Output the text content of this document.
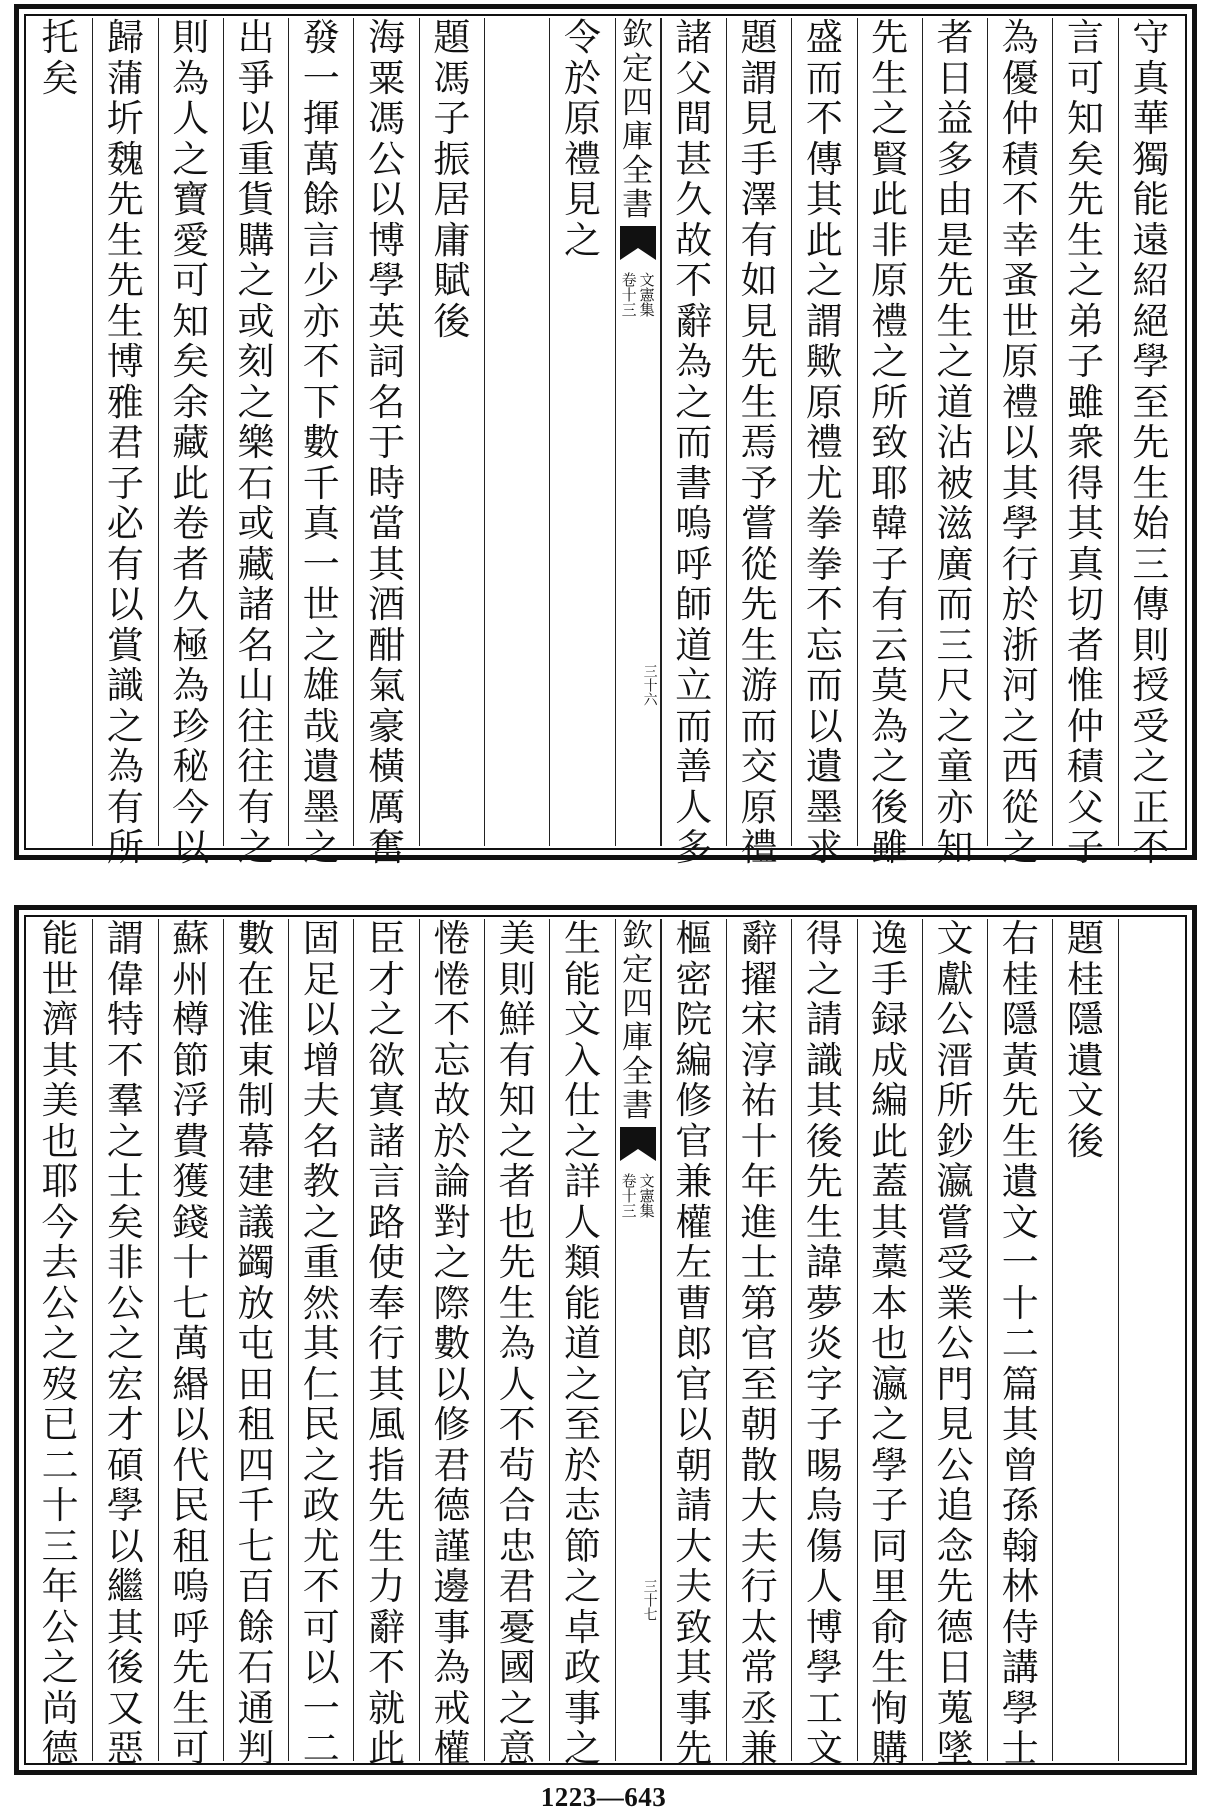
守
真
華
獨
能
遠
紹
絕
學
至
先
生
始
三
傳
則
授
受
之
正
不
言
可
知
矣
先
生
之
弟
子
雖
衆
得
其
真
切
者
惟
仲
積
父
子
為
優
仲
積
不
幸
蚤
世
原
禮
以
其
學
行
於
浙
河
之
西
從
之
者
日
益
多
由
是
先
生
之
道
沾
被
滋
廣
而
三
尺
之
童
亦
知
先
生
之
賢
此
非
原
禮
之
所
致
耶
韓
子
有
云
莫
為
之
後
雖
盛
而
不
傳
其
此
之
謂
歟
原
禮
尤
拳
拳
不
忘
而
以
遺
墨
求
題
謂
見
手
澤
有
如
見
先
生
焉
予
嘗
從
先
生
游
而
交
原
禮
諸
父
間
甚
久
故
不
辭
為
之
而
書
嗚
呼
師
道
立
而
善
人
多
欽
定
四
庫
全
書
文憲集
卷十三
三十六
令
於
原
禮
見
之
題
馮
子
振
居
庸
賦
後
海
粟
馮
公
以
博
學
英
詞
名
于
時
當
其
酒
酣
氣
豪
橫
厲
奮
發
一
揮
萬
餘
言
少
亦
不
下
數
千
真
一
世
之
雄
哉
遺
墨
之
出
爭
以
重
貨
購
之
或
刻
之
樂
石
或
藏
諸
名
山
往
往
有
之
則
為
人
之
寶
愛
可
知
矣
余
藏
此
卷
者
久
極
為
珍
秘
今
以
歸
蒲
圻
魏
先
生
先
生
博
雅
君
子
必
有
以
賞
識
之
為
有
所
托
矣
題
桂
隱
遺
文
後
右
桂
隱
黃
先
生
遺
文
一
十
二
篇
其
曾
孫
翰
林
侍
講
學
士
文
獻
公
溍
所
鈔
瀛
嘗
受
業
公
門
見
公
追
念
先
德
日
蒐
墜
逸
手
録
成
編
此
蓋
其
藁
本
也
瀛
之
學
子
同
里
俞
生
恂
購
得
之
請
識
其
後
先
生
諱
夢
炎
字
子
晹
烏
傷
人
博
學
工
文
辭
擢
宋
淳
祐
十
年
進
士
第
官
至
朝
散
大
夫
行
太
常
丞
兼
樞
密
院
編
修
官
兼
權
左
曹
郎
官
以
朝
請
大
夫
致
其
事
先
欽
定
四
庫
全
書
文憲集
卷十三
三十七
生
能
文
入
仕
之
詳
人
類
能
道
之
至
於
志
節
之
卓
政
事
之
美
則
鮮
有
知
之
者
也
先
生
為
人
不
茍
合
忠
君
憂
國
之
意
惓
惓
不
忘
故
於
論
對
之
際
數
以
修
君
德
謹
邊
事
為
戒
權
臣
才
之
欲
寘
諸
言
路
使
奉
行
其
風
指
先
生
力
辭
不
就
此
固
足
以
增
夫
名
教
之
重
然
其
仁
民
之
政
尤
不
可
以
一
二
數
在
淮
東
制
幕
建
議
蠲
放
屯
田
租
四
千
七
百
餘
石
通
判
蘇
州
樽
節
浮
費
獲
錢
十
七
萬
緡
以
代
民
租
嗚
呼
先
生
可
謂
偉
特
不
羣
之
士
矣
非
公
之
宏
才
碩
學
以
繼
其
後
又
惡
能
世
濟
其
美
也
耶
今
去
公
之
歿
已
二
十
三
年
公
之
尚
德
1223—643
